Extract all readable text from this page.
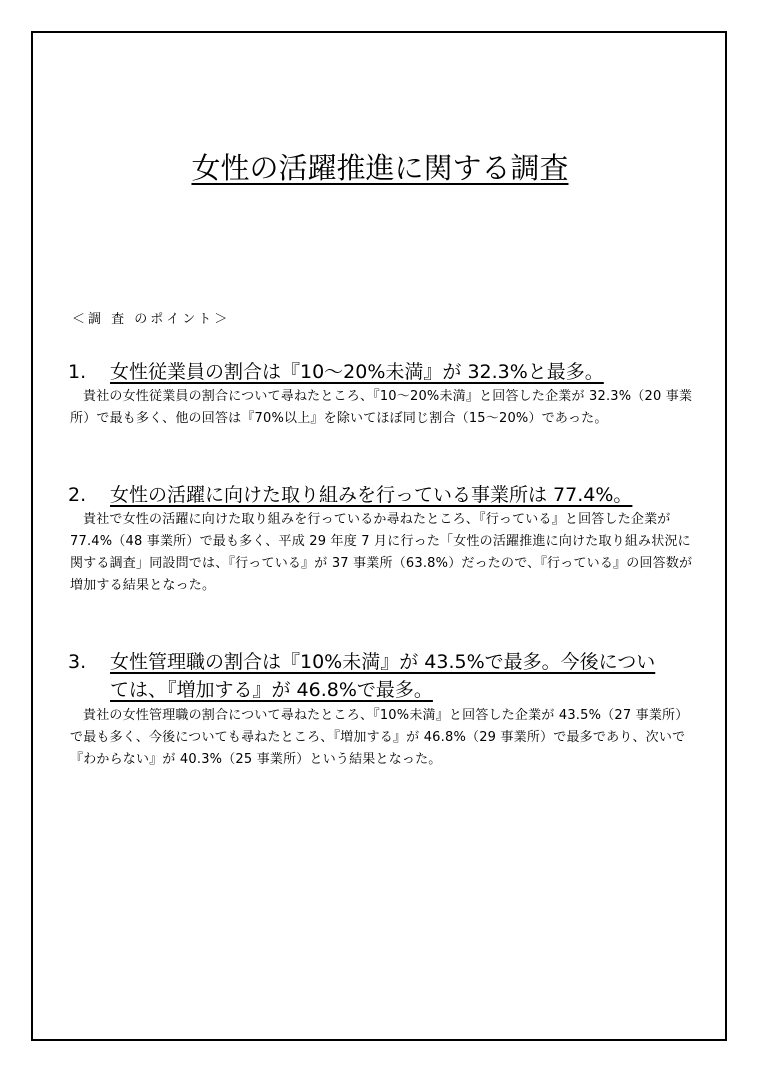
女性の活躍推進に関する調査
＜調 査 のポイント＞
1. 女性従業員の割合は『10～20%未満』が 32.3%と最多。
貴社の女性従業員の割合について尋ねたところ、『10～20%未満』と回答した企業が 32.3%（20 事業所）で最も多く、他の回答は『70%以上』を除いてほぼ同じ割合（15～20%）であった。
2. 女性の活躍に向けた取り組みを行っている事業所は 77.4%。
貴社で女性の活躍に向けた取り組みを行っているか尋ねたところ、『行っている』と回答した企業が 77.4%（48 事業所）で最も多く、平成 29 年度 7 月に行った「女性の活躍推進に向けた取り組み状況に関する調査」同設問では、『行っている』が 37 事業所（63.8%）だったので、『行っている』の回答数が増加する結果となった。
3. 女性管理職の割合は『10%未満』が 43.5%で最多。今後につい
ては、『増加する』が 46.8%で最多。
貴社の女性管理職の割合について尋ねたところ、『10%未満』と回答した企業が 43.5%（27 事業所）で最も多く、今後についても尋ねたところ、『増加する』が 46.8%（29 事業所）で最多であり、次いで『わからない』が 40.3%（25 事業所）という結果となった。
